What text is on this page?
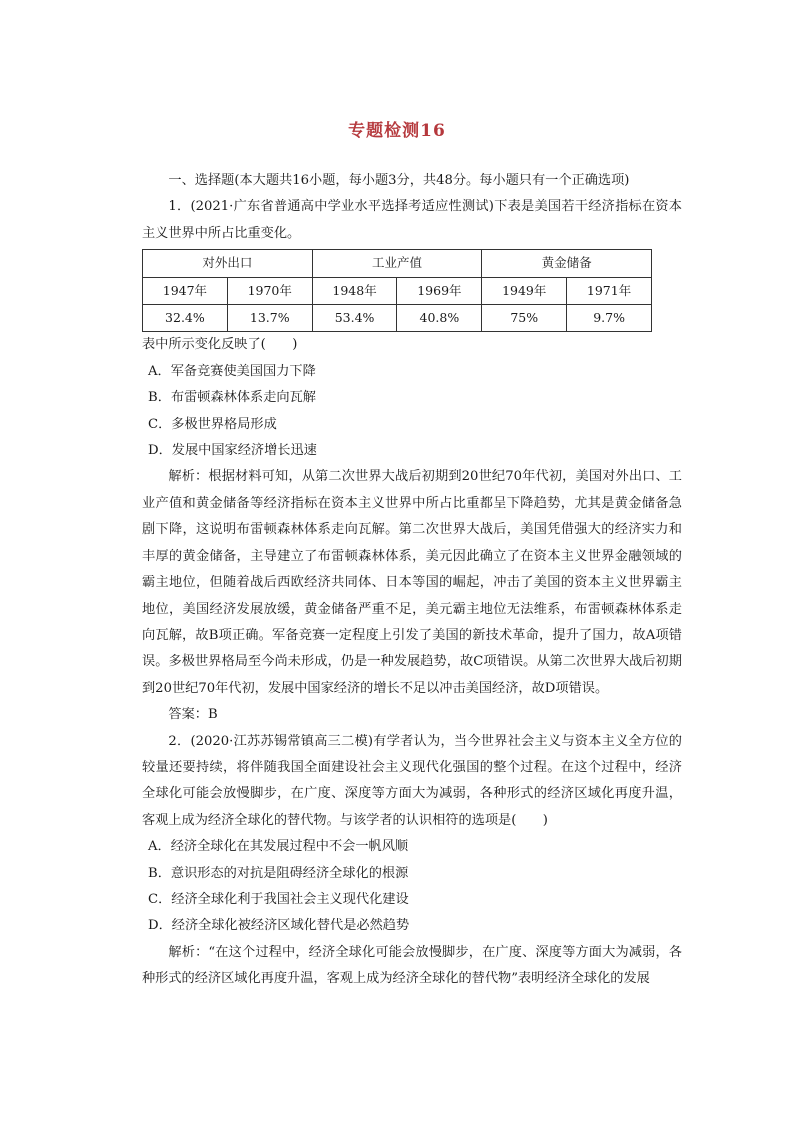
专题检测16

一、选择题(本大题共16小题，每小题3分，共48分。每小题只有一个正确选项)

1．(2021·广东省普通高中学业水平选择考适应性测试)下表是美国若干经济指标在资本主义世界中所占比重变化。

对外出口		工业产值		黄金储备	
1947年	1970年	1948年	1969年	1949年	1971年
32.4%	13.7%	53.4%	40.8%	75%	9.7%

表中所示变化反映了(　　)

A．军备竞赛使美国国力下降

B．布雷顿森林体系走向瓦解

C．多极世界格局形成

D．发展中国家经济增长迅速

解析：根据材料可知，从第二次世界大战后初期到20世纪70年代初，美国对外出口、工业产值和黄金储备等经济指标在资本主义世界中所占比重都呈下降趋势，尤其是黄金储备急剧下降，这说明布雷顿森林体系走向瓦解。第二次世界大战后，美国凭借强大的经济实力和丰厚的黄金储备，主导建立了布雷顿森林体系，美元因此确立了在资本主义世界金融领域的霸主地位，但随着战后西欧经济共同体、日本等国的崛起，冲击了美国的资本主义世界霸主地位，美国经济发展放缓，黄金储备严重不足，美元霸主地位无法维系，布雷顿森林体系走向瓦解，故B项正确。军备竞赛一定程度上引发了美国的新技术革命，提升了国力，故A项错误。多极世界格局至今尚未形成，仍是一种发展趋势，故C项错误。从第二次世界大战后初期到20世纪70年代初，发展中国家经济的增长不足以冲击美国经济，故D项错误。

答案：B

2．(2020·江苏苏锡常镇高三二模)有学者认为，当今世界社会主义与资本主义全方位的较量还要持续，将伴随我国全面建设社会主义现代化强国的整个过程。在这个过程中，经济全球化可能会放慢脚步，在广度、深度等方面大为减弱，各种形式的经济区域化再度升温，客观上成为经济全球化的替代物。与该学者的认识相符的选项是(　　)

A．经济全球化在其发展过程中不会一帆风顺

B．意识形态的对抗是阻碍经济全球化的根源

C．经济全球化利于我国社会主义现代化建设

D．经济全球化被经济区域化替代是必然趋势

解析：“在这个过程中，经济全球化可能会放慢脚步，在广度、深度等方面大为减弱，各种形式的经济区域化再度升温，客观上成为经济全球化的替代物”表明经济全球化的发展
